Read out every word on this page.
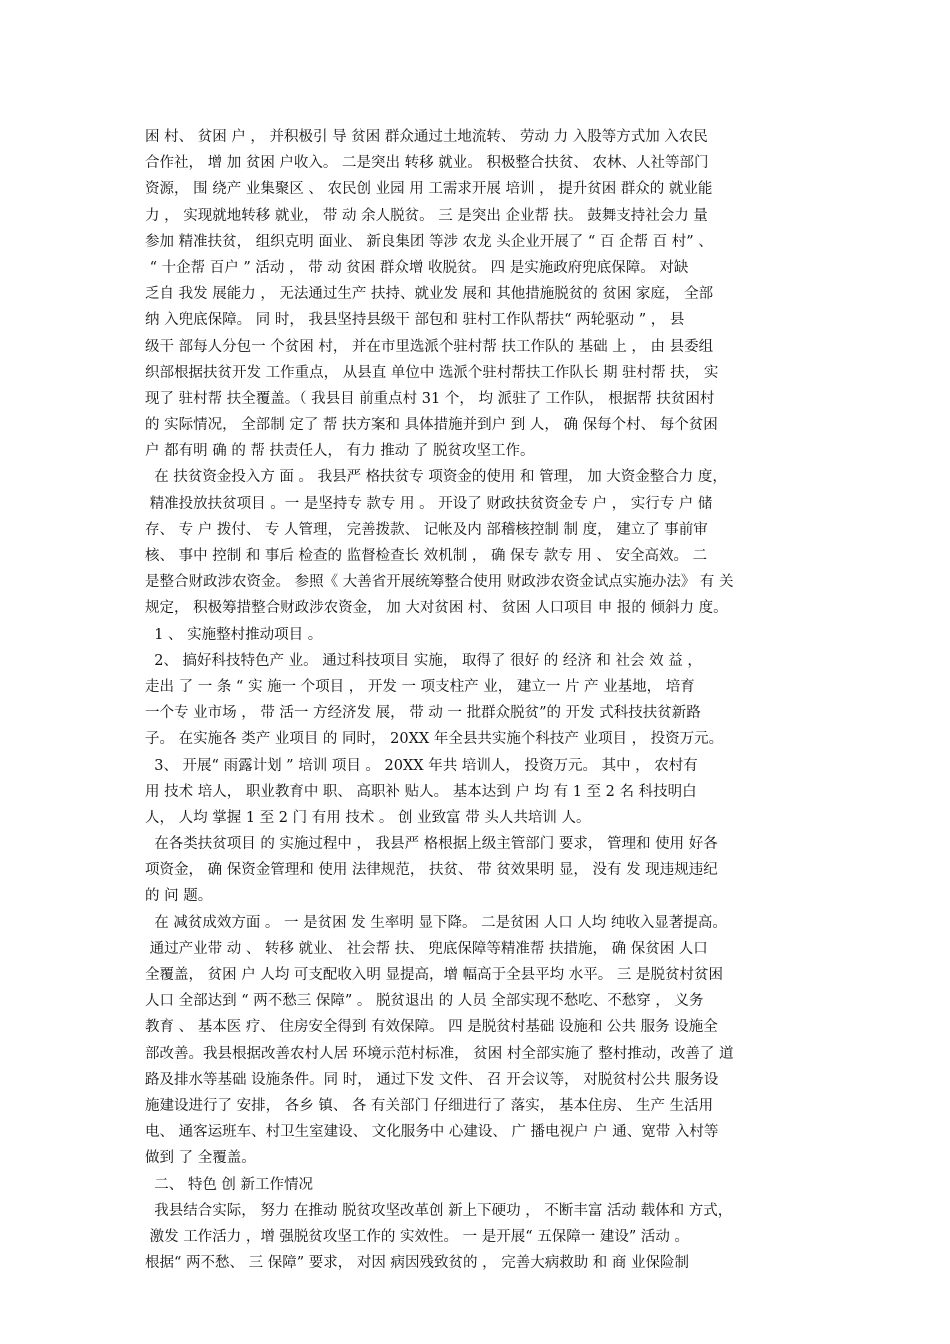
困 村、 贫困 户 ， 并积极引 导 贫困 群众通过土地流转、 劳动 力 入股等方式加 入农民
合作社， 增 加 贫困 户收入。 二是突出 转移 就业。 积极整合扶贫、 农林、人社等部门
资源， 围 绕产 业集聚区 、 农民创 业园 用 工需求开展 培训 ， 提升贫困 群众的 就业能
力 ， 实现就地转移 就业， 带 动 余人脱贫。 三 是突出 企业帮 扶。 鼓舞支持社会力 量
参加 精准扶贫， 组织克明 面业、 新良集团 等涉 农龙 头企业开展了 “ 百 企帮 百 村” 、
“ 十企帮 百户 ” 活动 ， 带 动 贫困 群众增 收脱贫。 四 是实施政府兜底保障。 对缺
乏自 我发 展能力 ， 无法通过生产 扶持、就业发 展和 其他措施脱贫的 贫困 家庭， 全部
纳 入兜底保障。 同 时， 我县坚持县级干 部包和 驻村工作队帮扶“ 两轮驱动 ” ， 县
级干 部每人分包一 个贫困 村， 并在市里选派个驻村帮 扶工作队的 基础 上 ， 由 县委组
织部根据扶贫开发 工作重点， 从县直 单位中 选派个驻村帮扶工作队长 期 驻村帮 扶， 实
现了 驻村帮 扶全覆盖。（ 我县目 前重点村 31 个， 均 派驻了 工作队， 根据帮 扶贫困村
的 实际情况， 全部制 定了 帮 扶方案和 具体措施并到户 到 人， 确 保每个村、 每个贫困
户 都有明 确 的 帮 扶责任人， 有力 推动 了 脱贫攻坚工作。
在 扶贫资金投入方 面 。 我县严 格扶贫专 项资金的使用 和 管理， 加 大资金整合力 度，
精准投放扶贫项目 。一 是坚持专 款专 用 。 开设了 财政扶贫资金专 户 ， 实行专 户 储
存、 专 户 拨付、 专 人管理， 完善拨款、 记帐及内 部稽核控制 制 度， 建立了 事前审
核、 事中 控制 和 事后 检查的 监督检查长 效机制 ， 确 保专 款专 用 、 安全高效。 二
是整合财政涉农资金。 参照《 大善省开展统筹整合使用 财政涉农资金试点实施办法》 有 关
规定， 积极筹措整合财政涉农资金， 加 大对贫困 村、 贫困 人口项目 申 报的 倾斜力 度。
1 、 实施整村推动项目 。
2、 搞好科技特色产 业。 通过科技项目 实施， 取得了 很好 的 经济 和 社会 效 益 ，
走出 了 一 条 “ 实 施一 个项目 ， 开发 一 项支柱产 业， 建立一 片 产 业基地， 培育
一个专 业市场 ， 带 活一 方经济发 展， 带 动 一 批群众脱贫”的 开发 式科技扶贫新路
子。 在实施各 类产 业项目 的 同时， 20XX 年全县共实施个科技产 业项目 ， 投资万元。
3、 开展“ 雨露计划 ” 培训 项目 。 20XX 年共 培训人， 投资万元。 其中 ， 农村有
用 技术 培人， 职业教育中 职、 高职补 贴人。 基本达到 户 均 有 1 至 2 名 科技明白
人， 人均 掌握 1 至 2 门 有用 技术 。 创 业致富 带 头人共培训 人。
在各类扶贫项目 的 实施过程中 ， 我县严 格根据上级主管部门 要求， 管理和 使用 好各
项资金， 确 保资金管理和 使用 法律规范， 扶贫、 带 贫效果明 显， 没有 发 现违规违纪
的 问 题。
在 减贫成效方面 。 一 是贫困 发 生率明 显下降。 二是贫困 人口 人均 纯收入显著提高。
通过产业带 动 、 转移 就业、 社会帮 扶、 兜底保障等精准帮 扶措施， 确 保贫困 人口
全覆盖， 贫困 户 人均 可支配收入明 显提高，增 幅高于全县平均 水平。 三 是脱贫村贫困
人口 全部达到 “ 两不愁三 保障” 。 脱贫退出 的 人员 全部实现不愁吃、不愁穿 ， 义务
教育 、 基本医 疗、 住房安全得到 有效保障。 四 是脱贫村基础 设施和 公共 服务 设施全
部改善。我县根据改善农村人居 环境示范村标准， 贫困 村全部实施了 整村推动，改善了 道
路及排水等基础 设施条件。同 时， 通过下发 文件、 召 开会议等， 对脱贫村公共 服务设
施建设进行了 安排， 各乡 镇、 各 有关部门 仔细进行了 落实， 基本住房、 生产 生活用
电、 通客运班车、村卫生室建设、 文化服务中 心建设、 广 播电视户 户 通、宽带 入村等
做到 了 全覆盖。
二、 特色 创 新工作情况
我县结合实际， 努力 在推动 脱贫攻坚改革创 新上下硬功 ， 不断丰富 活动 载体和 方式，
激发 工作活力 ，增 强脱贫攻坚工作的 实效性。 一 是开展“ 五保障一 建设” 活动 。
根据“ 两不愁、 三 保障” 要求， 对因 病因残致贫的 ， 完善大病救助 和 商 业保险制
